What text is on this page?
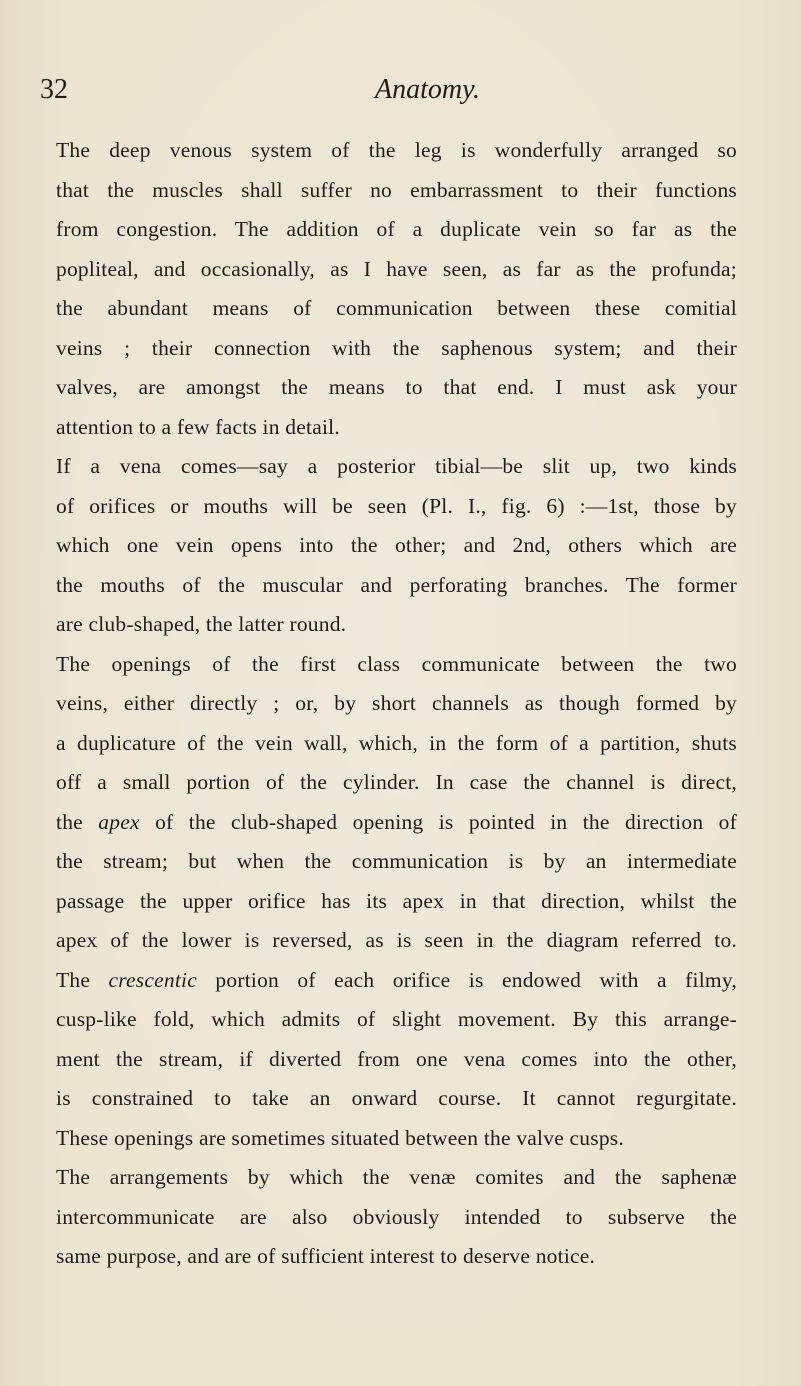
32	Anatomy.
The deep venous system of the leg is wonderfully arranged so
that the muscles shall suffer no embarrassment to their functions
from congestion. The addition of a duplicate vein so far as the
popliteal, and occasionally, as I have seen, as far as the profunda;
the abundant means of communication between these comitial
veins ; their connection with the saphenous system; and their
valves, are amongst the means to that end. I must ask your
attention to a few facts in detail.
If a vena comes—say a posterior tibial—be slit up, two kinds
of orifices or mouths will be seen (Pl. I., fig. 6) :—1st, those by
which one vein opens into the other; and 2nd, others which are
the mouths of the muscular and perforating branches. The former
are club-shaped, the latter round.
The openings of the first class communicate between the two
veins, either directly ; or, by short channels as though formed by
a duplicature of the vein wall, which, in the form of a partition, shuts
off a small portion of the cylinder. In case the channel is direct,
the apex of the club-shaped opening is pointed in the direction of
the stream; but when the communication is by an intermediate
passage the upper orifice has its apex in that direction, whilst the
apex of the lower is reversed, as is seen in the diagram referred to.
The crescentic portion of each orifice is endowed with a filmy,
cusp-like fold, which admits of slight movement. By this arrange-
ment the stream, if diverted from one vena comes into the other,
is constrained to take an onward course. It cannot regurgitate.
These openings are sometimes situated between the valve cusps.
The arrangements by which the venæ comites and the saphenæ
intercommunicate are also obviously intended to subserve the
same purpose, and are of sufficient interest to deserve notice.
